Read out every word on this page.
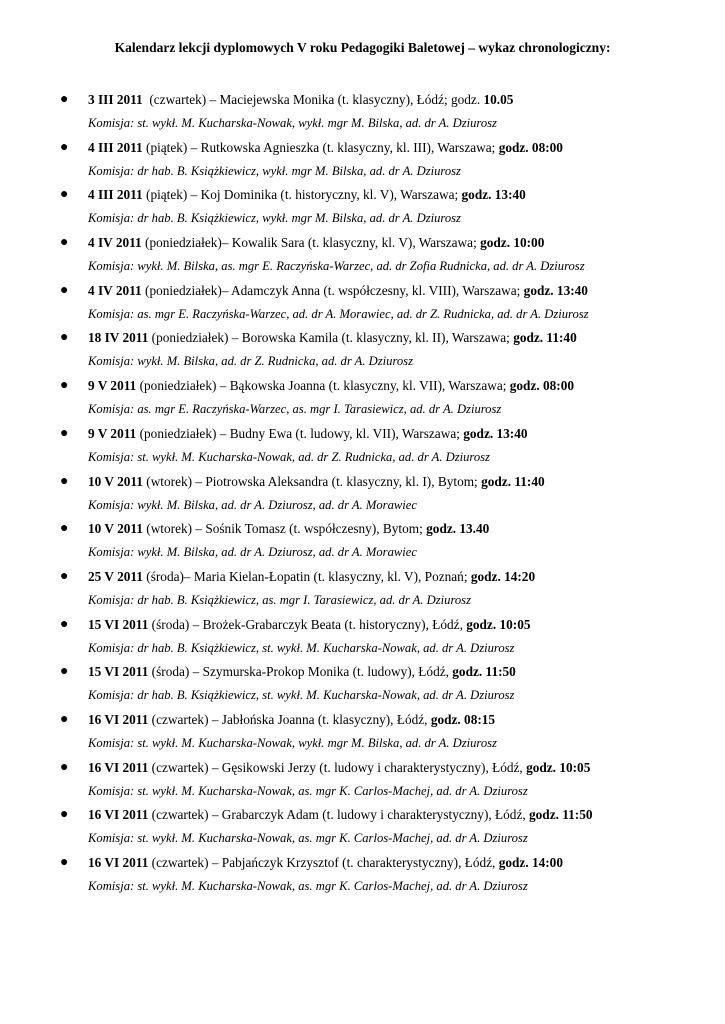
Kalendarz lekcji dyplomowych V roku Pedagogiki Baletowej – wykaz chronologiczny:
● 3 III 2011  (czwartek) – Maciejewska Monika (t. klasyczny), Łódź; godz. 10.05
Komisja: st. wykł. M. Kucharska-Nowak, wykł. mgr M. Bilska, ad. dr A. Dziurosz
● 4 III 2011 (piątek) – Rutkowska Agnieszka (t. klasyczny, kl. III), Warszawa; godz. 08:00
Komisja: dr hab. B. Książkiewicz, wykł. mgr M. Bilska, ad. dr A. Dziurosz
● 4 III 2011 (piątek) – Koj Dominika (t. historyczny, kl. V), Warszawa; godz. 13:40
Komisja: dr hab. B. Książkiewicz, wykł. mgr M. Bilska, ad. dr A. Dziurosz
● 4 IV 2011 (poniedziałek)– Kowalik Sara (t. klasyczny, kl. V), Warszawa; godz. 10:00
Komisja: wykł. M. Bilska, as. mgr E. Raczyńska-Warzec, ad. dr Zofia Rudnicka, ad. dr A. Dziurosz
● 4 IV 2011 (poniedziałek)– Adamczyk Anna (t. współczesny, kl. VIII), Warszawa; godz. 13:40
Komisja: as. mgr E. Raczyńska-Warzec, ad. dr A. Morawiec, ad. dr Z. Rudnicka, ad. dr A. Dziurosz
● 18 IV 2011 (poniedziałek) – Borowska Kamila (t. klasyczny, kl. II), Warszawa; godz. 11:40
Komisja: wykł. M. Bilska, ad. dr Z. Rudnicka, ad. dr A. Dziurosz
● 9 V 2011 (poniedziałek) – Bąkowska Joanna (t. klasyczny, kl. VII), Warszawa; godz. 08:00
Komisja: as. mgr E. Raczyńska-Warzec, as. mgr I. Tarasiewicz, ad. dr A. Dziurosz
● 9 V 2011 (poniedziałek) – Budny Ewa (t. ludowy, kl. VII), Warszawa; godz. 13:40
Komisja: st. wykł. M. Kucharska-Nowak, ad. dr Z. Rudnicka, ad. dr A. Dziurosz
● 10 V 2011 (wtorek) – Piotrowska Aleksandra (t. klasyczny, kl. I), Bytom; godz. 11:40
Komisja: wykł. M. Bilska, ad. dr A. Dziurosz, ad. dr A. Morawiec
● 10 V 2011 (wtorek) – Sośnik Tomasz (t. współczesny), Bytom; godz. 13.40
Komisja: wykł. M. Bilska, ad. dr A. Dziurosz, ad. dr A. Morawiec
● 25 V 2011 (środa)– Maria Kielan-Łopatin (t. klasyczny, kl. V), Poznań; godz. 14:20
Komisja: dr hab. B. Książkiewicz, as. mgr I. Tarasiewicz, ad. dr A. Dziurosz
● 15 VI 2011 (środa) – Brożek-Grabarczyk Beata (t. historyczny), Łódź, godz. 10:05
Komisja: dr hab. B. Książkiewicz, st. wykł. M. Kucharska-Nowak, ad. dr A. Dziurosz
● 15 VI 2011 (środa) – Szymurska-Prokop Monika (t. ludowy), Łódź, godz. 11:50
Komisja: dr hab. B. Książkiewicz, st. wykł. M. Kucharska-Nowak, ad. dr A. Dziurosz
● 16 VI 2011 (czwartek) – Jabłońska Joanna (t. klasyczny), Łódź, godz. 08:15
Komisja: st. wykł. M. Kucharska-Nowak, wykł. mgr M. Bilska, ad. dr A. Dziurosz
● 16 VI 2011 (czwartek) – Gęsikowski Jerzy (t. ludowy i charakterystyczny), Łódź, godz. 10:05
Komisja: st. wykł. M. Kucharska-Nowak, as. mgr K. Carlos-Machej, ad. dr A. Dziurosz
● 16 VI 2011 (czwartek) – Grabarczyk Adam (t. ludowy i charakterystyczny), Łódź, godz. 11:50
Komisja: st. wykł. M. Kucharska-Nowak, as. mgr K. Carlos-Machej, ad. dr A. Dziurosz
● 16 VI 2011 (czwartek) – Pabjańczyk Krzysztof (t. charakterystyczny), Łódź, godz. 14:00
Komisja: st. wykł. M. Kucharska-Nowak, as. mgr K. Carlos-Machej, ad. dr A. Dziurosz
